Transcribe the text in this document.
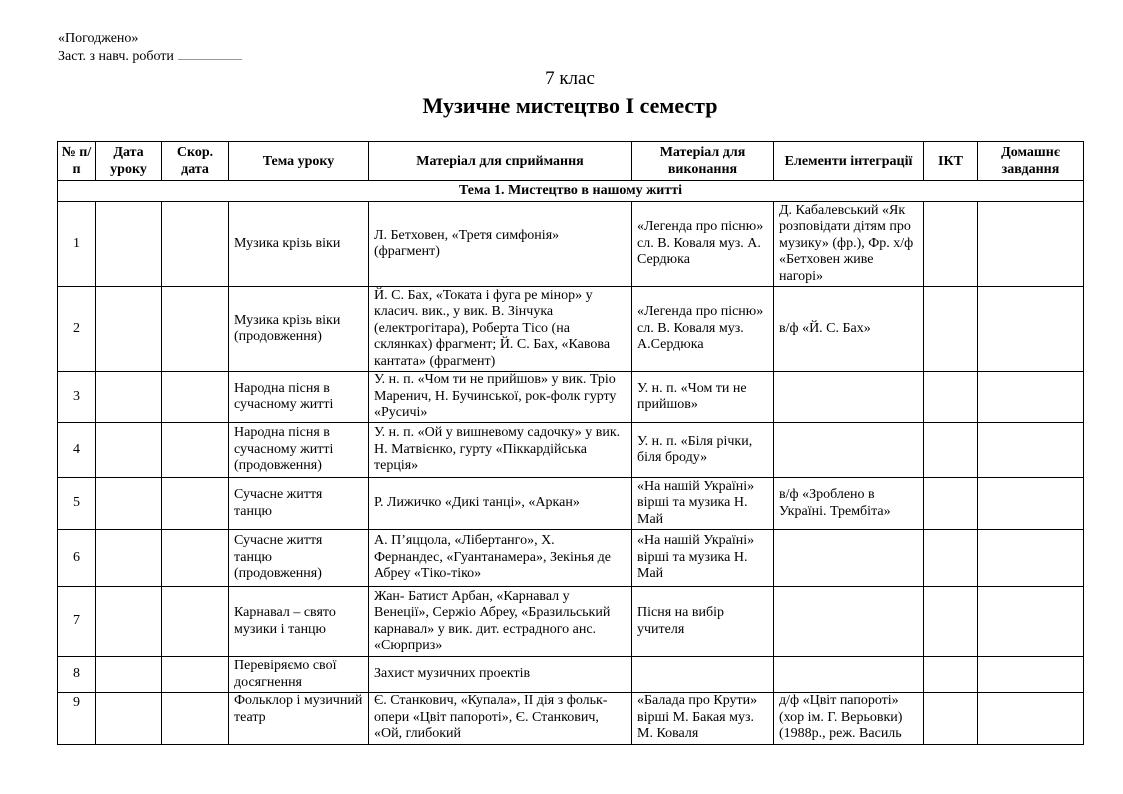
«Погоджено»
Заст. з навч. роботи
7 клас
Музичне мистецтво І семестр
№ п/п	Дата уроку	Скор. дата	Тема уроку	Матеріал для сприймання	Матеріал для виконання	Елементи інтеграції	ІКТ	Домашнє завдання
Тема 1. Мистецтво в нашому житті								
1			Музика крізь віки	Л. Бетховен, «Третя симфонія» (фрагмент)	«Легенда про пісню» сл. В. Коваля муз. А. Сердюка	Д. Кабалевський «Як розповідати дітям про музику» (фр.), Фр. х/ф «Бетховен живе нагорі»		
2			Музика крізь віки (продовження)	Й. С. Бах, «Токата і фуга ре мінор» у класич. вик., у вик. В. Зінчука (електрогітара), Роберта Тісо (на склянках) фрагмент; Й. С. Бах, «Кавова кантата» (фрагмент)	«Легенда про пісню» сл. В. Коваля муз. А.Сердюка	в/ф «Й. С. Бах»		
3			Народна пісня в сучасному житті	У. н. п. «Чом ти не прийшов» у вик. Тріо Маренич, Н. Бучинської, рок-фолк гурту «Русичі»	У. н. п. «Чом ти не прийшов»			
4			Народна пісня в сучасному житті (продовження)	У. н. п. «Ой у вишневому садочку» у вик. Н. Матвієнко, гурту «Піккардійська терція»	У. н. п. «Біля річки, біля броду»			
5			Сучасне життя танцю	Р. Лижичко «Дикі танці», «Аркан»	«На нашій Україні» вірші та музика Н. Май	в/ф «Зроблено в Україні. Трембіта»		
6			Сучасне життя танцю (продовження)	А. П’яццола, «Лібертанго», Х. Фернандес, «Гуантанамера», Зекінья де Абреу «Тіко-тіко»	«На нашій Україні» вірші та музика Н. Май			
7			Карнавал – свято музики і танцю	Жан- Батист Арбан, «Карнавал у Венеції», Сержіо Абреу, «Бразильський карнавал» у вик. дит. естрадного анс. «Сюрприз»	Пісня на вибір учителя			
8			Перевіряємо свої досягнення	Захист музичних проектів				
9			Фольклор і музичний театр	Є. Станкович, «Купала», ІІ дія з фольк-опери «Цвіт папороті», Є. Станкович, «Ой, глибокий	«Балада про Крути» вірші М. Бакая муз. М. Коваля	д/ф «Цвіт папороті» (хор ім. Г. Верьовки) (1988р., реж. Василь		
